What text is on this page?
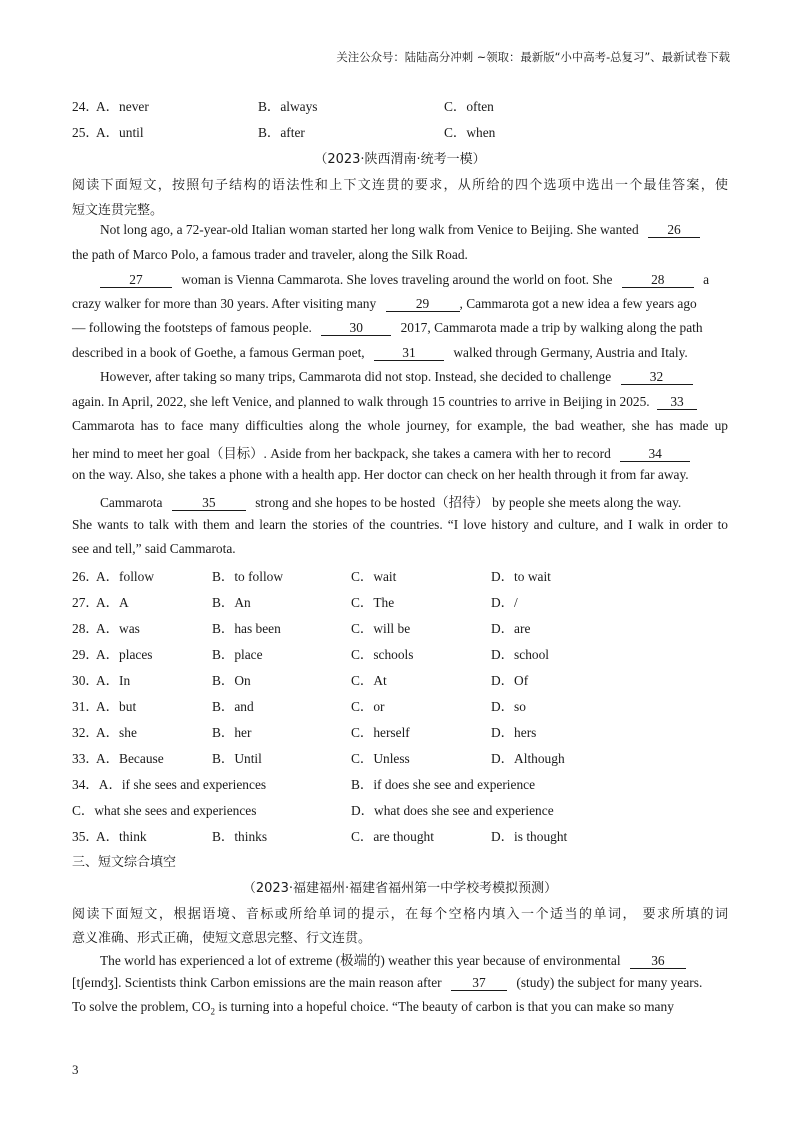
关注公众号：陆陆高分冲刺 ~领取：最新版“小中高考-总复习”、最新试卷下载
24．
A．never	B．always	C．often
25．
A．until	B．after	C．when
（2023·陕西渭南·统考一模）
阅读下面短文，按照句子结构的语法性和上下文连贯的要求，从所给的四个选项中选出一个最佳答案，使
短文连贯完整。
Not long ago, a 72-year-old Italian woman started her long walk from Venice to Beijing. She wanted 26
the path of Marco Polo, a famous trader and traveler, along the Silk Road.
27	woman is Vienna Cammarota. She loves traveling around the world on foot. She	28	a
crazy walker for more than 30 years. After visiting many	29 , Cammarota got a new idea a few years ago
— following the footsteps of famous people.	30	2017, Cammarota made a trip by walking along the path
described in a book of Goethe, a famous German poet,	31	walked through Germany, Austria and Italy.
However, after taking so many trips, Cammarota did not stop. Instead, she decided to challenge	32
again. In April, 2022, she left Venice, and planned to walk through 15 countries to arrive in Beijing in 2025. 33
Cammarota has to face many difficulties along the whole journey, for example, the bad weather, she has made up
her mind to meet her goal（目标）. Aside from her backpack, she takes a camera with her to record	34
on the way. Also, she takes a phone with a health app. Her doctor can check on her health through it from far away.
Cammarota	35	strong and she hopes to be hosted（招待） by people she meets along the way.
She wants to talk with them and learn the stories of the countries. “I love history and culture, and I walk in order to
see and tell,” said Cammarota.
26．
A．follow	B．to follow	C．wait	D．to wait
27．
A．A	B．An	C．The	D．/
28．
A．was	B．has been	C．will be	D．are
29．
A．places	B．place	C．schools	D．school
30．
A．In	B．On	C．At	D．Of
31．
A．but	B．and	C．or	D．so
32．
A．she	B．her	C．herself	D．hers
33．
A．Because	B．Until	C．Unless	D．Although
34．A．if she sees and experiences	B．if does she see and experience
C．what she sees and experiences	D．what does she see and experience
35．
A．think	B．thinks	C．are thought	D．is thought
三、短文综合填空
（2023·福建福州·福建省福州第一中学校考模拟预测）
阅读下面短文，根据语境、音标或所给单词的提示，在每个空格内填入一个适当的单词， 要求所填的词
意义准确、形式正确，使短文意思完整、行文连贯。
The world has experienced a lot of extreme (极端的) weather this year because of environmental 36
[tʃeɪndʒ]. Scientists think Carbon emissions are the main reason after 37 (study) the subject for many years.
To solve the problem, $CO_2$ is turning into a hopeful choice. “The beauty of carbon is that you can make so many
3
